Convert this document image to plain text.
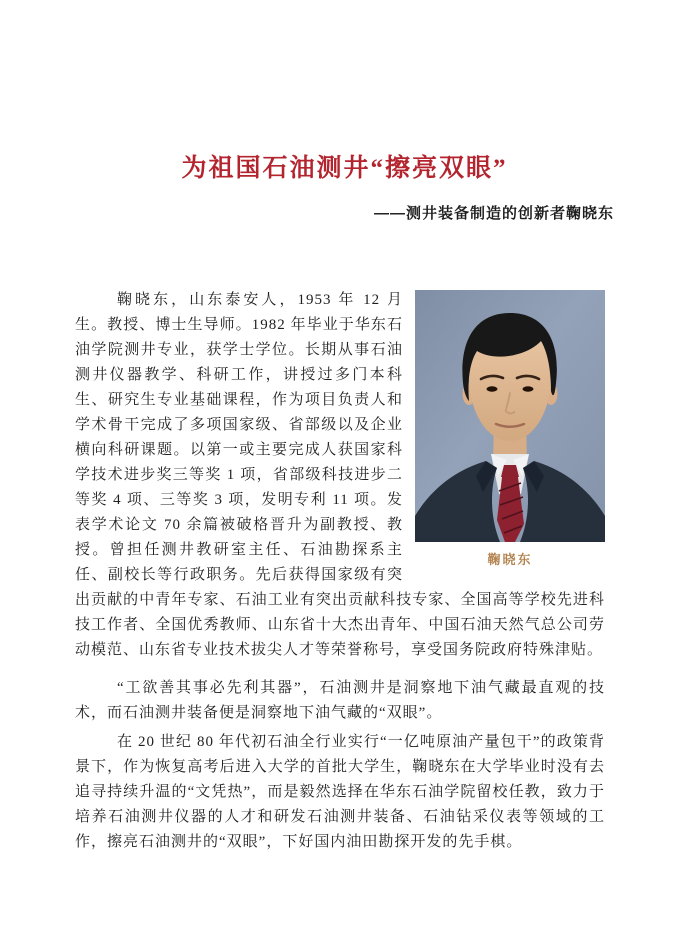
为祖国石油测井“擦亮双眼”
——测井装备制造的创新者鞠晓东
鞠晓东

鞠晓东，山东泰安人，1953 年 12 月生。教授、博士生导师。1982 年毕业于华东石油学院测井专业，获学士学位。长期从事石油测井仪器教学、科研工作，讲授过多门本科生、研究生专业基础课程，作为项目负责人和学术骨干完成了多项国家级、省部级以及企业横向科研课题。以第一或主要完成人获国家科学技术进步奖三等奖 1 项，省部级科技进步二等奖 4 项、三等奖 3 项，发明专利 11 项。发表学术论文 70 余篇被破格晋升为副教授、教授。曾担任测井教研室主任、石油勘探系主任、副校长等行政职务。先后获得国家级有突出贡献的中青年专家、石油工业有突出贡献科技专家、全国高等学校先进科技工作者、全国优秀教师、山东省十大杰出青年、中国石油天然气总公司劳动模范、山东省专业技术拔尖人才等荣誉称号，享受国务院政府特殊津贴。

“工欲善其事必先利其器”，石油测井是洞察地下油气藏最直观的技术，而石油测井装备便是洞察地下油气藏的“双眼”。

在 20 世纪 80 年代初石油全行业实行“一亿吨原油产量包干”的政策背景下，作为恢复高考后进入大学的首批大学生，鞠晓东在大学毕业时没有去追寻持续升温的“文凭热”，而是毅然选择在华东石油学院留校任教，致力于培养石油测井仪器的人才和研发石油测井装备、石油钻采仪表等领域的工作，擦亮石油测井的“双眼”，下好国内油田勘探开发的先手棋。
